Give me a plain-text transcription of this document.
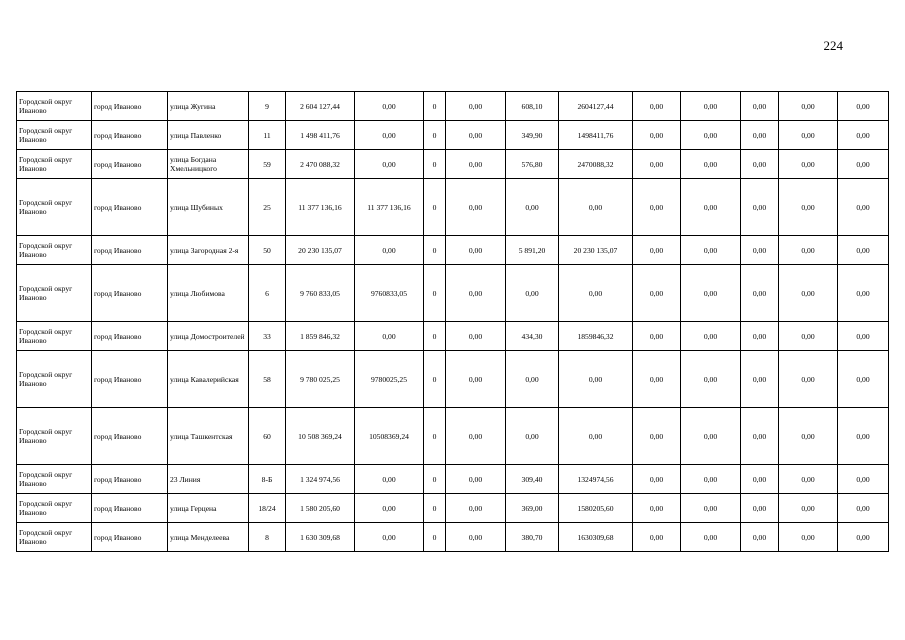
224
Городской округ Иваново	город Иваново	улица Жугина	9	2 604 127,44	0,00	0	0,00	608,10	2604127,44	0,00	0,00	0,00	0,00	0,00
Городской округ Иваново	город Иваново	улица Павленко	11	1 498 411,76	0,00	0	0,00	349,90	1498411,76	0,00	0,00	0,00	0,00	0,00
Городской округ Иваново	город Иваново	улица Богдана Хмельницкого	59	2 470 088,32	0,00	0	0,00	576,80	2470088,32	0,00	0,00	0,00	0,00	0,00
Городской округ Иваново	город Иваново	улица Шубиных	25	11 377 136,16	11 377 136,16	0	0,00	0,00	0,00	0,00	0,00	0,00	0,00	0,00
Городской округ Иваново	город Иваново	улица Загородная 2-я	50	20 230 135,07	0,00	0	0,00	5 891,20	20 230 135,07	0,00	0,00	0,00	0,00	0,00
Городской округ Иваново	город Иваново	улица Любимова	6	9 760 833,05	9760833,05	0	0,00	0,00	0,00	0,00	0,00	0,00	0,00	0,00
Городской округ Иваново	город Иваново	улица Домостроителей	33	1 859 846,32	0,00	0	0,00	434,30	1859846,32	0,00	0,00	0,00	0,00	0,00
Городской округ Иваново	город Иваново	улица Кавалерийская	58	9 780 025,25	9780025,25	0	0,00	0,00	0,00	0,00	0,00	0,00	0,00	0,00
Городской округ Иваново	город Иваново	улица Ташкентская	60	10 508 369,24	10508369,24	0	0,00	0,00	0,00	0,00	0,00	0,00	0,00	0,00
Городской округ Иваново	город Иваново	23 Линия	8-Б	1 324 974,56	0,00	0	0,00	309,40	1324974,56	0,00	0,00	0,00	0,00	0,00
Городской округ Иваново	город Иваново	улица Герцена	18/24	1 580 205,60	0,00	0	0,00	369,00	1580205,60	0,00	0,00	0,00	0,00	0,00
Городской округ Иваново	город Иваново	улица Менделеева	8	1 630 309,68	0,00	0	0,00	380,70	1630309,68	0,00	0,00	0,00	0,00	0,00
